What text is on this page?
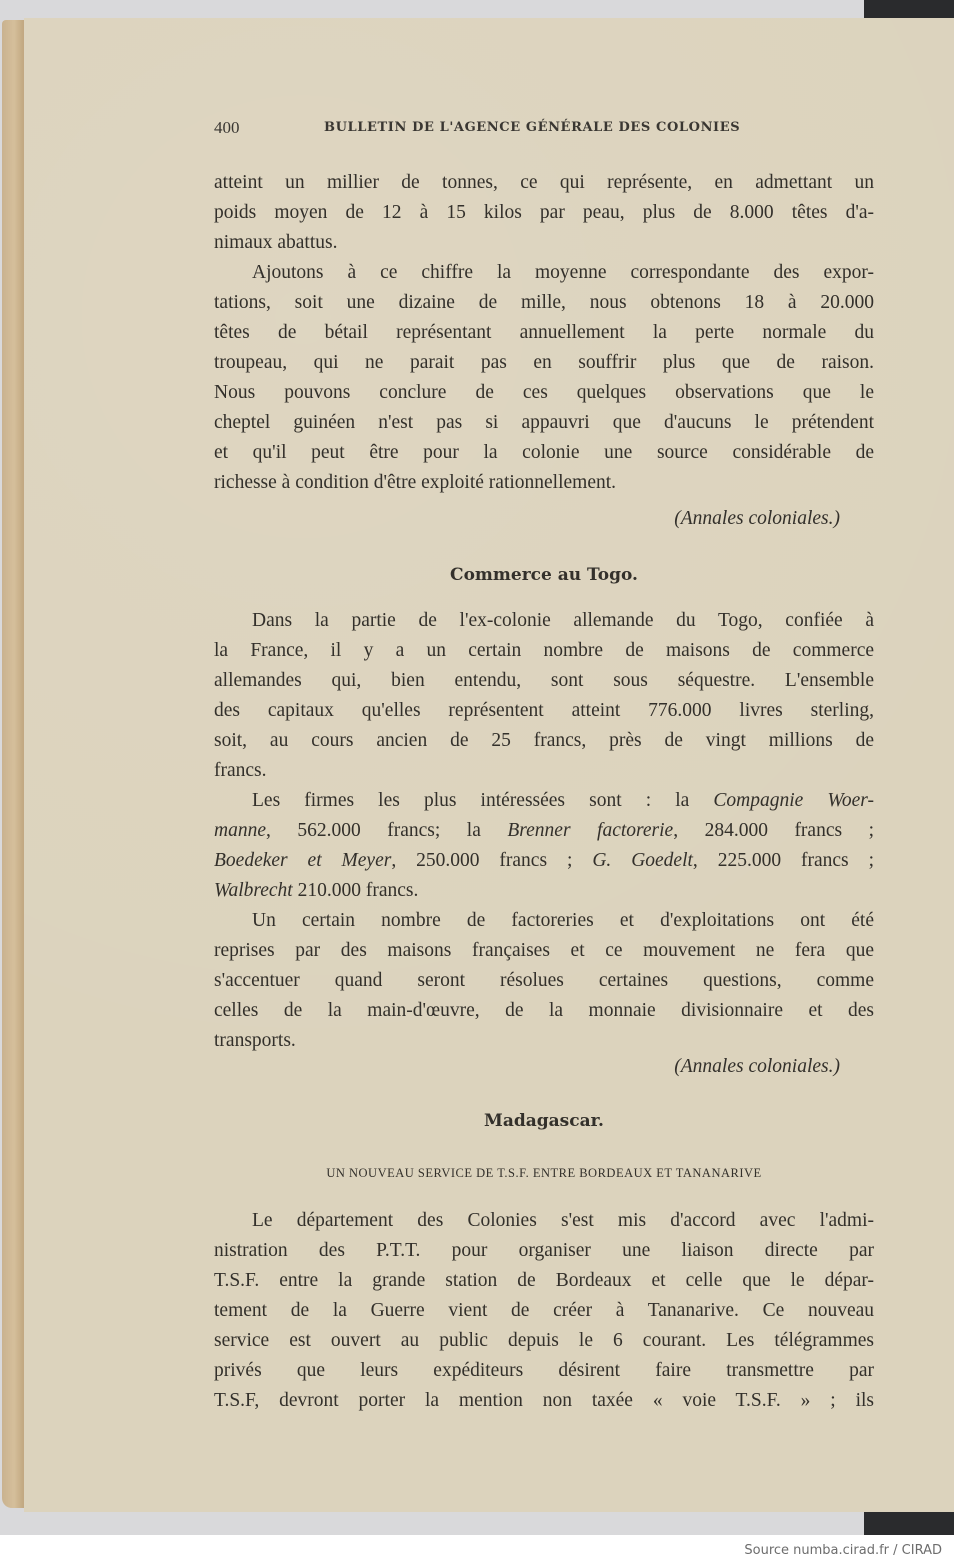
400	BULLETIN DE L'AGENCE GÉNÉRALE DES COLONIES

atteint un millier de tonnes, ce qui représente, en admettant un
poids moyen de 12 à 15 kilos par peau, plus de 8.000 têtes d'a-
nimaux abattus.

Ajoutons à ce chiffre la moyenne correspondante des expor-
tations, soit une dizaine de mille, nous obtenons 18 à 20.000
têtes de bétail représentant annuellement la perte normale du
troupeau, qui ne parait pas en souffrir plus que de raison.
Nous pouvons conclure de ces quelques observations que le
cheptel guinéen n'est pas si appauvri que d'aucuns le prétendent
et qu'il peut être pour la colonie une source considérable de
richesse à condition d'être exploité rationnellement.

(Annales coloniales.)

Commerce au Togo.

Dans la partie de l'ex-colonie allemande du Togo, confiée à
la France, il y a un certain nombre de maisons de commerce
allemandes qui, bien entendu, sont sous séquestre. L'ensemble
des capitaux qu'elles représentent atteint 776.000 livres sterling,
soit, au cours ancien de 25 francs, près de vingt millions de
francs.

Les firmes les plus intéressées sont : la Compagnie Woer-
manne, 562.000 francs; la Brenner factorerie, 284.000 francs ;
Boedeker et Meyer, 250.000 francs ; G. Goedelt, 225.000 francs ;
Walbrecht 210.000 francs.

Un certain nombre de factoreries et d'exploitations ont été
reprises par des maisons françaises et ce mouvement ne fera que
s'accentuer quand seront résolues certaines questions, comme
celles de la main-d'œuvre, de la monnaie divisionnaire et des
transports.

(Annales coloniales.)

Madagascar.

UN NOUVEAU SERVICE DE T.S.F. ENTRE BORDEAUX ET TANANARIVE

Le département des Colonies s'est mis d'accord avec l'admi-
nistration des P.T.T. pour organiser une liaison directe par
T.S.F. entre la grande station de Bordeaux et celle que le dépar-
tement de la Guerre vient de créer à Tananarive. Ce nouveau
service est ouvert au public depuis le 6 courant. Les télégrammes
privés que leurs expéditeurs désirent faire transmettre par
T.S.F, devront porter la mention non taxée « voie T.S.F. » ; ils

Source numba.cirad.fr / CIRAD
